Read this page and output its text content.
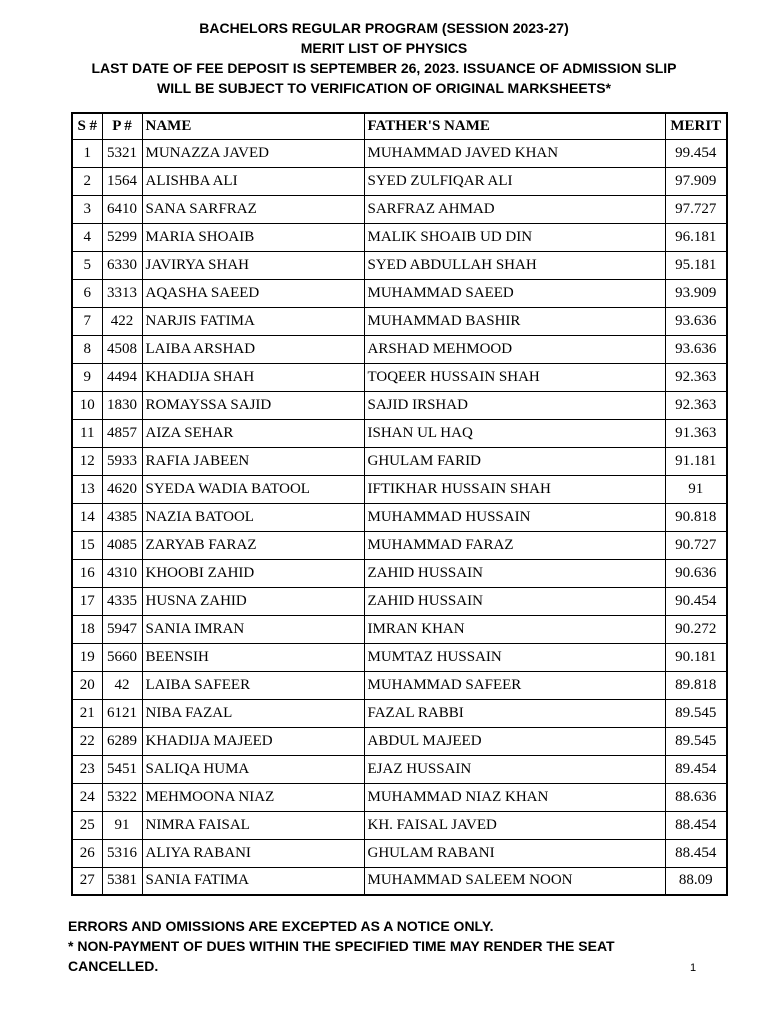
BACHELORS REGULAR PROGRAM (SESSION 2023-27)
MERIT LIST OF PHYSICS
LAST DATE OF FEE DEPOSIT IS SEPTEMBER 26, 2023. ISSUANCE OF ADMISSION SLIP
WILL BE SUBJECT TO VERIFICATION OF ORIGINAL MARKSHEETS*
S #	P #	NAME	FATHER'S NAME	MERIT
1	5321	MUNAZZA JAVED	MUHAMMAD JAVED KHAN	99.454
2	1564	ALISHBA ALI	SYED ZULFIQAR ALI	97.909
3	6410	SANA SARFRAZ	SARFRAZ AHMAD	97.727
4	5299	MARIA SHOAIB	MALIK SHOAIB UD DIN	96.181
5	6330	JAVIRYA SHAH	SYED ABDULLAH SHAH	95.181
6	3313	AQASHA SAEED	MUHAMMAD SAEED	93.909
7	422	NARJIS FATIMA	MUHAMMAD BASHIR	93.636
8	4508	LAIBA ARSHAD	ARSHAD MEHMOOD	93.636
9	4494	KHADIJA SHAH	TOQEER HUSSAIN SHAH	92.363
10	1830	ROMAYSSA SAJID	SAJID IRSHAD	92.363
11	4857	AIZA SEHAR	ISHAN UL HAQ	91.363
12	5933	RAFIA JABEEN	GHULAM FARID	91.181
13	4620	SYEDA WADIA BATOOL	IFTIKHAR HUSSAIN SHAH	91
14	4385	NAZIA BATOOL	MUHAMMAD HUSSAIN	90.818
15	4085	ZARYAB FARAZ	MUHAMMAD FARAZ	90.727
16	4310	KHOOBI ZAHID	ZAHID HUSSAIN	90.636
17	4335	HUSNA ZAHID	ZAHID HUSSAIN	90.454
18	5947	SANIA IMRAN	IMRAN KHAN	90.272
19	5660	BEENSIH	MUMTAZ HUSSAIN	90.181
20	42	LAIBA SAFEER	MUHAMMAD SAFEER	89.818
21	6121	NIBA FAZAL	FAZAL RABBI	89.545
22	6289	KHADIJA MAJEED	ABDUL MAJEED	89.545
23	5451	SALIQA HUMA	EJAZ HUSSAIN	89.454
24	5322	MEHMOONA NIAZ	MUHAMMAD NIAZ KHAN	88.636
25	91	NIMRA FAISAL	KH. FAISAL JAVED	88.454
26	5316	ALIYA RABANI	GHULAM RABANI	88.454
27	5381	SANIA FATIMA	MUHAMMAD SALEEM NOON	88.09
ERRORS AND OMISSIONS ARE EXCEPTED AS A NOTICE ONLY.
* NON-PAYMENT OF DUES WITHIN THE SPECIFIED TIME MAY RENDER THE SEAT
CANCELLED.	1
